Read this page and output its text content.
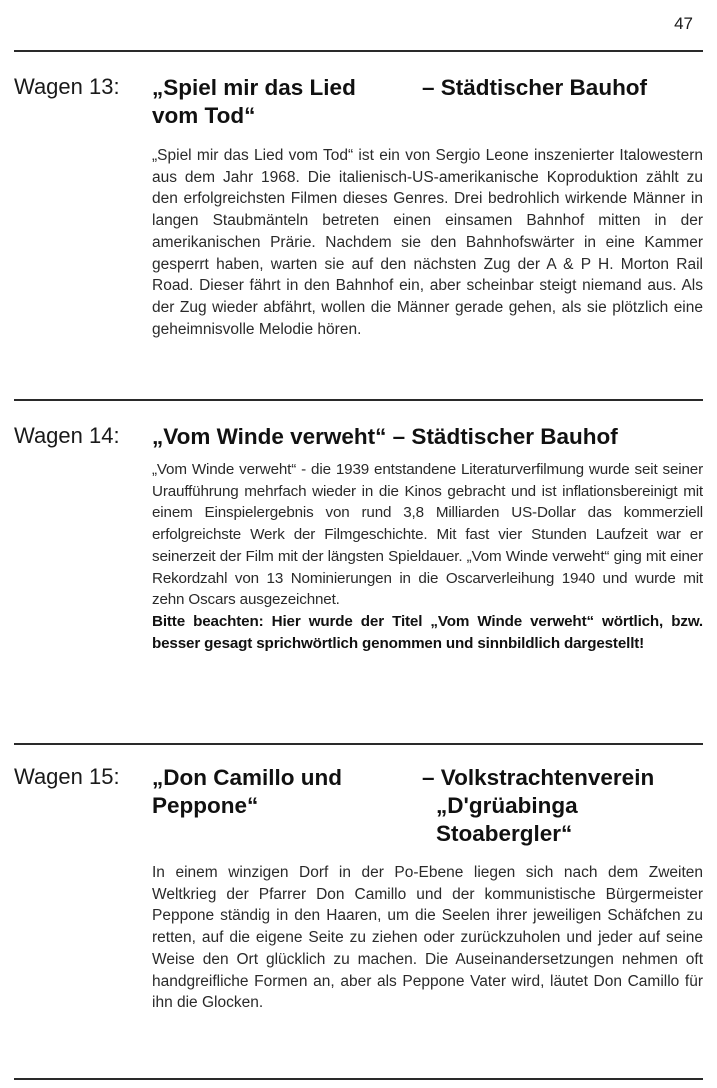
47
Wagen 13: „Spiel mir das Lied
vom Tod“
– Städtischer Bauhof

„Spiel mir das Lied vom Tod“ ist ein von Sergio Leone inszenierter Italowestern aus dem Jahr 1968. Die italienisch-US-amerikanische Koproduktion zählt zu den erfolgreichsten Filmen dieses Genres. Drei bedrohlich wirkende Männer in langen Staubmänteln betreten einen einsamen Bahnhof mitten in der amerikanischen Prärie. Nachdem sie den Bahnhofswärter in eine Kammer gesperrt haben, warten sie auf den nächsten Zug der A & P H. Morton Rail Road. Dieser fährt in den Bahnhof ein, aber scheinbar steigt niemand aus. Als der Zug wieder abfährt, wollen die Männer gerade gehen, als sie plötzlich eine geheimnisvolle Melodie hören.

Wagen 14: „Vom Winde verweht“ – Städtischer Bauhof
„Vom Winde verweht“ - die 1939 entstandene Literaturverfilmung wurde seit seiner Uraufführung mehrfach wieder in die Kinos gebracht und ist inflationsbereinigt mit einem Einspielergebnis von rund 3,8 Milliarden US-Dollar das kommerziell erfolgreichste Werk der Filmgeschichte. Mit fast vier Stunden Laufzeit war er seinerzeit der Film mit der längsten Spieldauer. „Vom Winde verweht“ ging mit einer Rekordzahl von 13 Nominierungen in die Oscarverleihung 1940 und wurde mit zehn Oscars ausgezeichnet.
Bitte beachten: Hier wurde der Titel „Vom Winde verweht“ wörtlich, bzw. besser gesagt sprichwörtlich genommen und sinnbildlich dargestellt!
Wagen 15: „Don Camillo und
Peppone“
– Volkstrachtenverein
„D'grüabinga
Stoabergler“

In einem winzigen Dorf in der Po-Ebene liegen sich nach dem Zweiten Weltkrieg der Pfarrer Don Camillo und der kommunistische Bürgermeister Peppone ständig in den Haaren, um die Seelen ihrer jeweiligen Schäfchen zu retten, auf die eigene Seite zu ziehen oder zurückzuholen und jeder auf seine Weise den Ort glücklich zu machen. Die Auseinandersetzungen nehmen oft handgreifliche Formen an, aber als Peppone Vater wird, läutet Don Camillo für ihn die Glocken.
